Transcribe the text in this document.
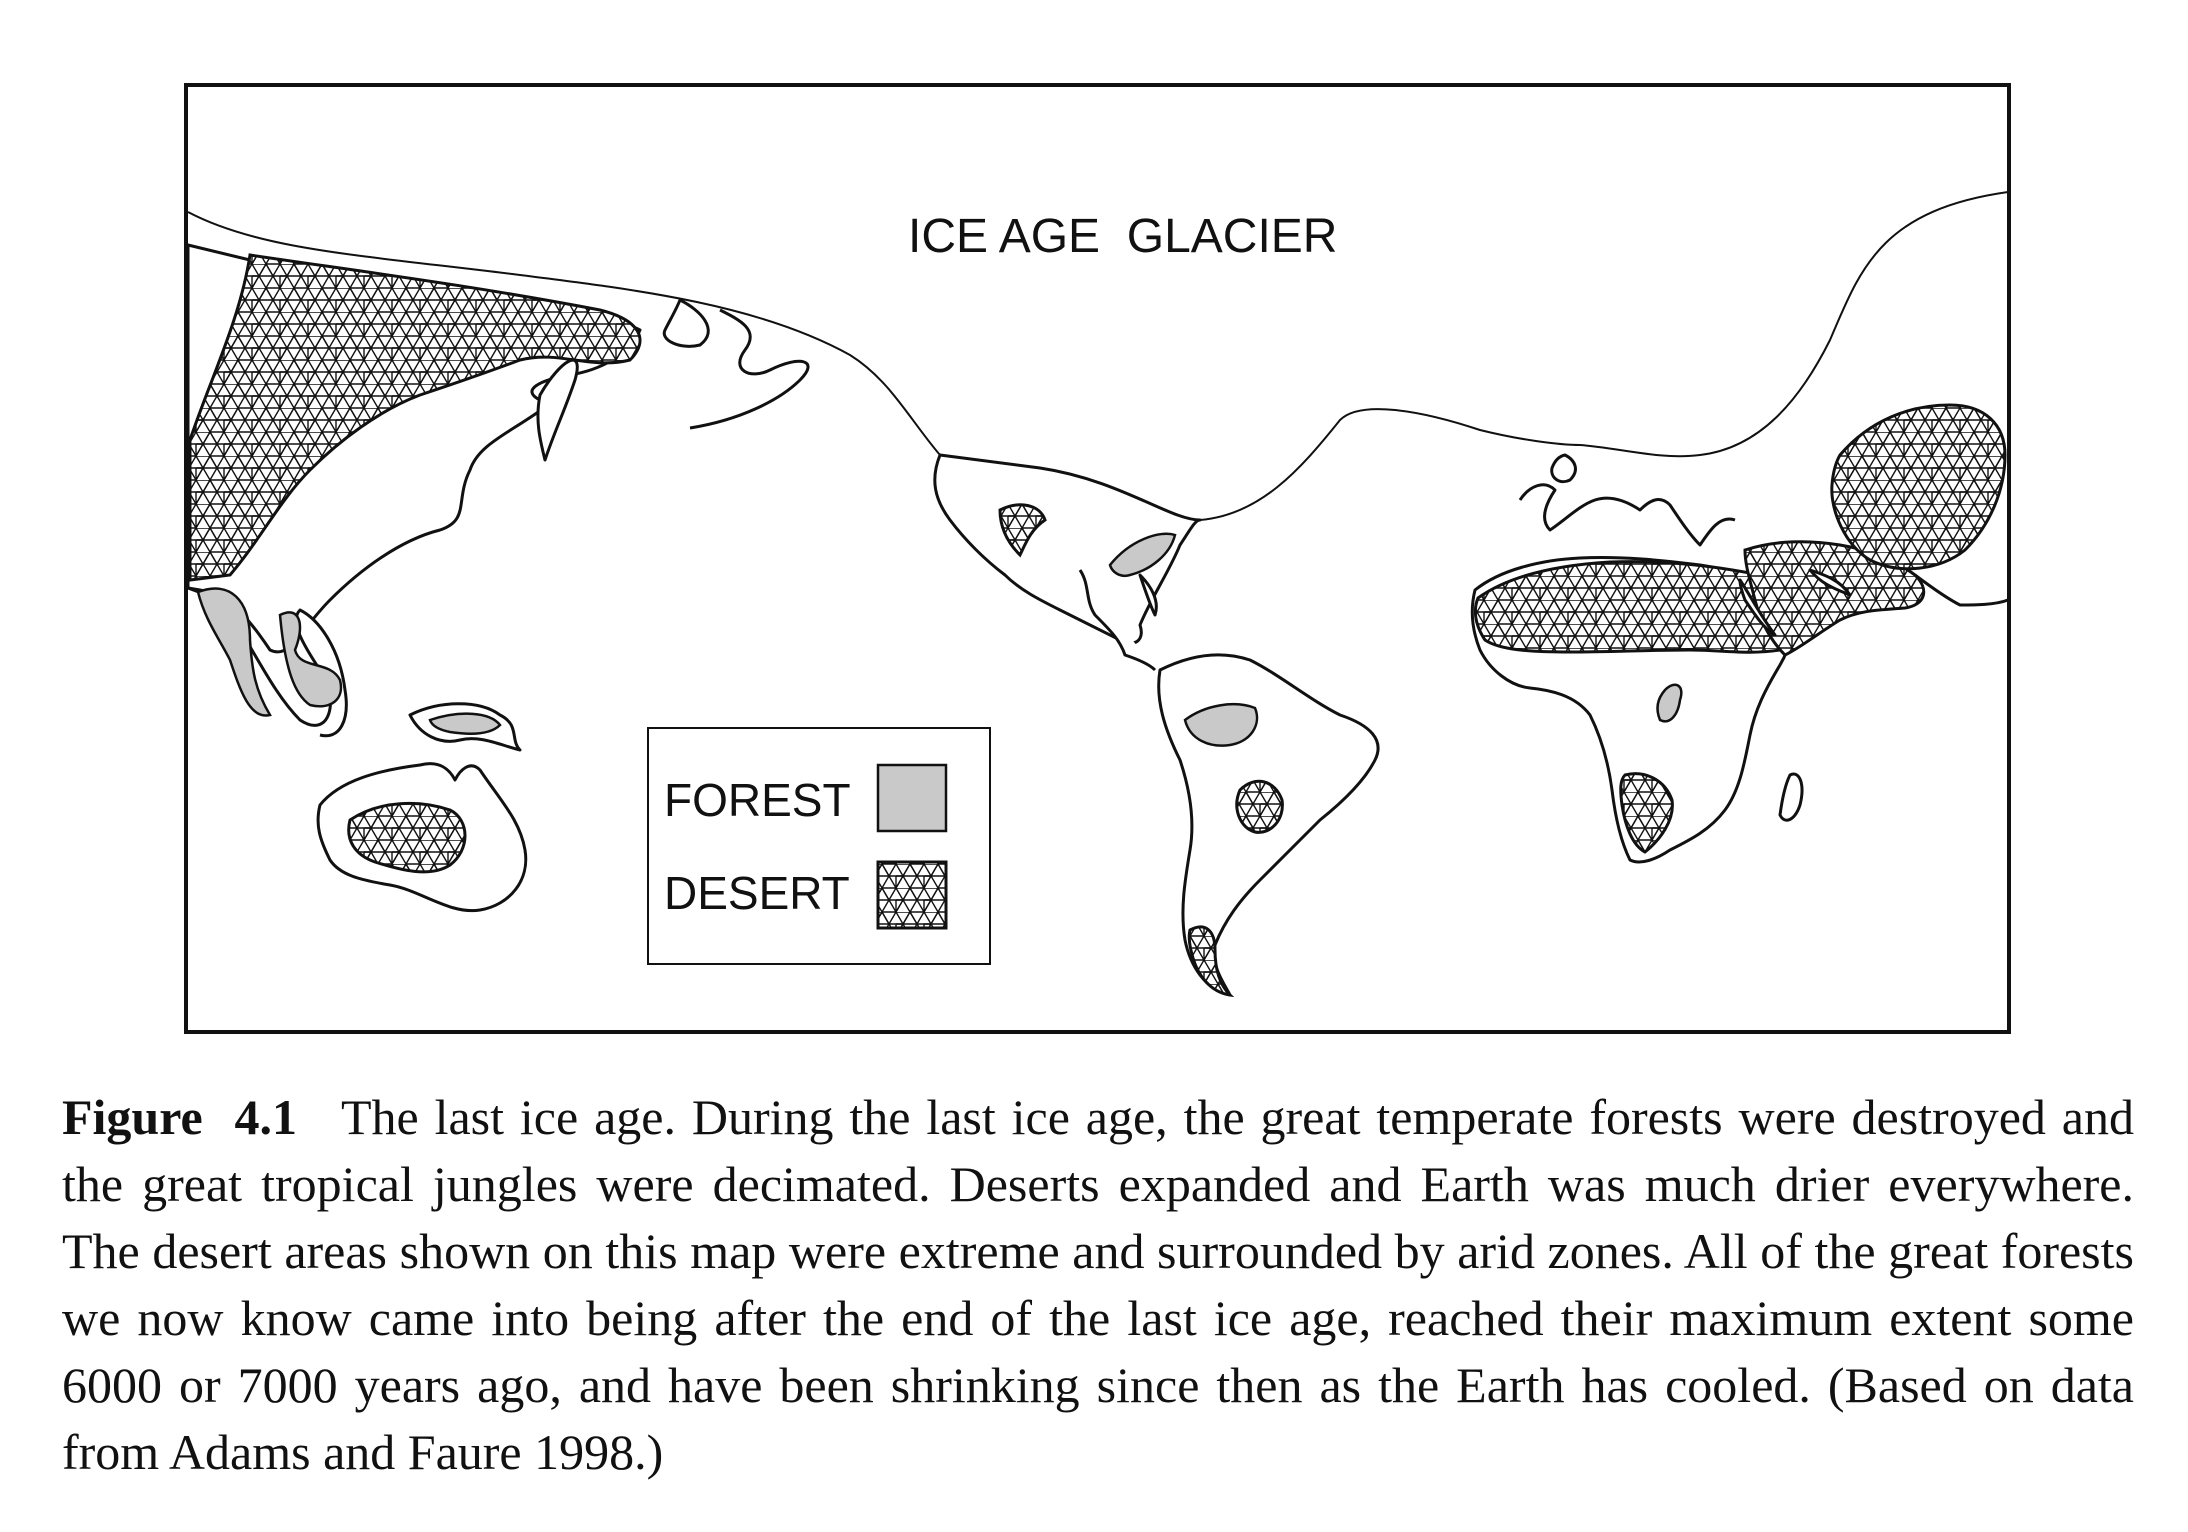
ICE AGE  GLACIER
FOREST
DESERT
Figure  4.1 The last ice age. During the last ice age, the great temperate forests were destroyed and the great tropical jungles were decimated. Deserts expanded and Earth was much drier everywhere. The desert areas shown on this map were extreme and surrounded by arid zones. All of the great forests we now know came into being after the end of the last ice age, reached their maximum extent some 6000 or 7000 years ago, and have been shrinking since then as the Earth has cooled. (Based on data from Adams and Faure 1998.)
